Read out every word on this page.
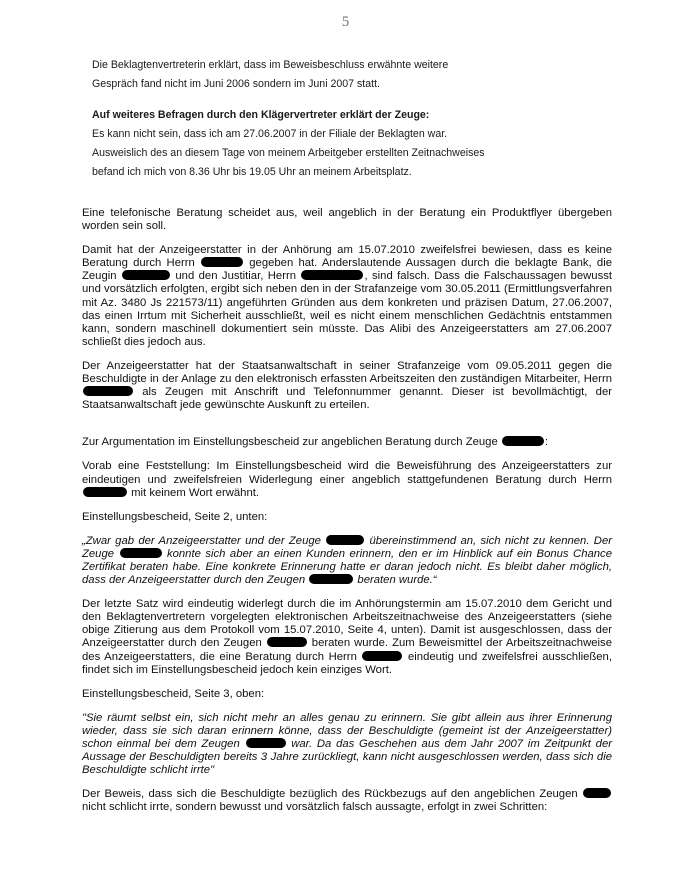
5
Die Beklagtenvertreterin erklärt, dass im Beweisbeschluss erwähnte weitere
Gespräch fand nicht im Juni 2006 sondern im Juni 2007 statt.
Auf weiteres Befragen durch den Klägervertreter erklärt der Zeuge:
Es kann nicht sein, dass ich am 27.06.2007 in der Filiale der Beklagten war.
Ausweislich des an diesem Tage von meinem Arbeitgeber erstellten Zeitnachweises
befand ich mich von 8.36 Uhr bis 19.05 Uhr an meinem Arbeitsplatz.

Eine telefonische Beratung scheidet aus, weil angeblich in der Beratung ein Produktflyer übergeben worden sein soll.

Damit hat der Anzeigeerstatter in der Anhörung am 15.07.2010 zweifelsfrei bewiesen, dass es keine Beratung durch Herrn	gegeben hat. Anderslautende Aussagen durch die beklagte Bank, die Zeugin	und den Justitiar, Herrn	, sind falsch. Dass die Falschaussagen bewusst und vorsätzlich erfolgten, ergibt sich neben den in der Strafanzeige vom 30.05.2011 (Ermittlungsverfahren mit Az. 3480 Js 221573/11) angeführten Gründen aus dem konkreten und präzisen Datum, 27.06.2007, das einen Irrtum mit Sicherheit ausschließt, weil es nicht einem menschlichen Gedächtnis entstammen kann, sondern maschinell dokumentiert sein müsste. Das Alibi des Anzeigeerstatters am 27.06.2007 schließt dies jedoch aus.

Der Anzeigeerstatter hat der Staatsanwaltschaft in seiner Strafanzeige vom 09.05.2011 gegen die Beschuldigte in der Anlage zu den elektronisch erfassten Arbeitszeiten den zuständigen Mitarbeiter, Herrn  als Zeugen mit Anschrift und Telefonnummer genannt. Dieser ist bevollmächtigt, der Staatsanwaltschaft jede gewünschte Auskunft zu erteilen.

Zur Argumentation im Einstellungsbescheid zur angeblichen Beratung durch Zeuge	:

Vorab eine Feststellung: Im Einstellungsbescheid wird die Beweisführung des Anzeigeerstatters zur eindeutigen und zweifelsfreien Widerlegung einer angeblich stattgefundenen Beratung durch Herrn  mit keinem Wort erwähnt.

Einstellungsbescheid, Seite 2, unten:

„Zwar gab der Anzeigeerstatter und der Zeuge	übereinstimmend an, sich nicht zu kennen. Der Zeuge	konnte sich aber an einen Kunden erinnern, den er im Hinblick auf ein Bonus Chance Zertifikat beraten habe. Eine konkrete Erinnerung hatte er daran jedoch nicht. Es bleibt daher möglich, dass der Anzeigeerstatter durch den Zeugen	beraten wurde.“

Der letzte Satz wird eindeutig widerlegt durch die im Anhörungstermin am 15.07.2010 dem Gericht und den Beklagtenvertretern vorgelegten elektronischen Arbeitszeitnachweise des Anzeigeerstatters (siehe obige Zitierung aus dem Protokoll vom 15.07.2010, Seite 4, unten). Damit ist ausgeschlossen, dass der Anzeigeerstatter durch den Zeugen	beraten wurde. Zum Beweismittel der Arbeitszeitnachweise des Anzeigeerstatters, die eine Beratung durch Herrn	eindeutig und zweifelsfrei ausschließen, findet sich im Einstellungsbescheid jedoch kein einziges Wort.

Einstellungsbescheid, Seite 3, oben:

"Sie räumt selbst ein, sich nicht mehr an alles genau zu erinnern. Sie gibt allein aus ihrer Erinnerung wieder, dass sie sich daran erinnern könne, dass der Beschuldigte (gemeint ist der Anzeigeerstatter) schon einmal bei dem Zeugen	war. Da das Geschehen aus dem Jahr 2007 im Zeitpunkt der Aussage der Beschuldigten bereits 3 Jahre zurückliegt, kann nicht ausgeschlossen werden, dass sich die Beschuldigte schlicht irrte"

Der Beweis, dass sich die Beschuldigte bezüglich des Rückbezugs auf den angeblichen Zeugen  nicht schlicht irrte, sondern bewusst und vorsätzlich falsch aussagte, erfolgt in zwei Schritten:
